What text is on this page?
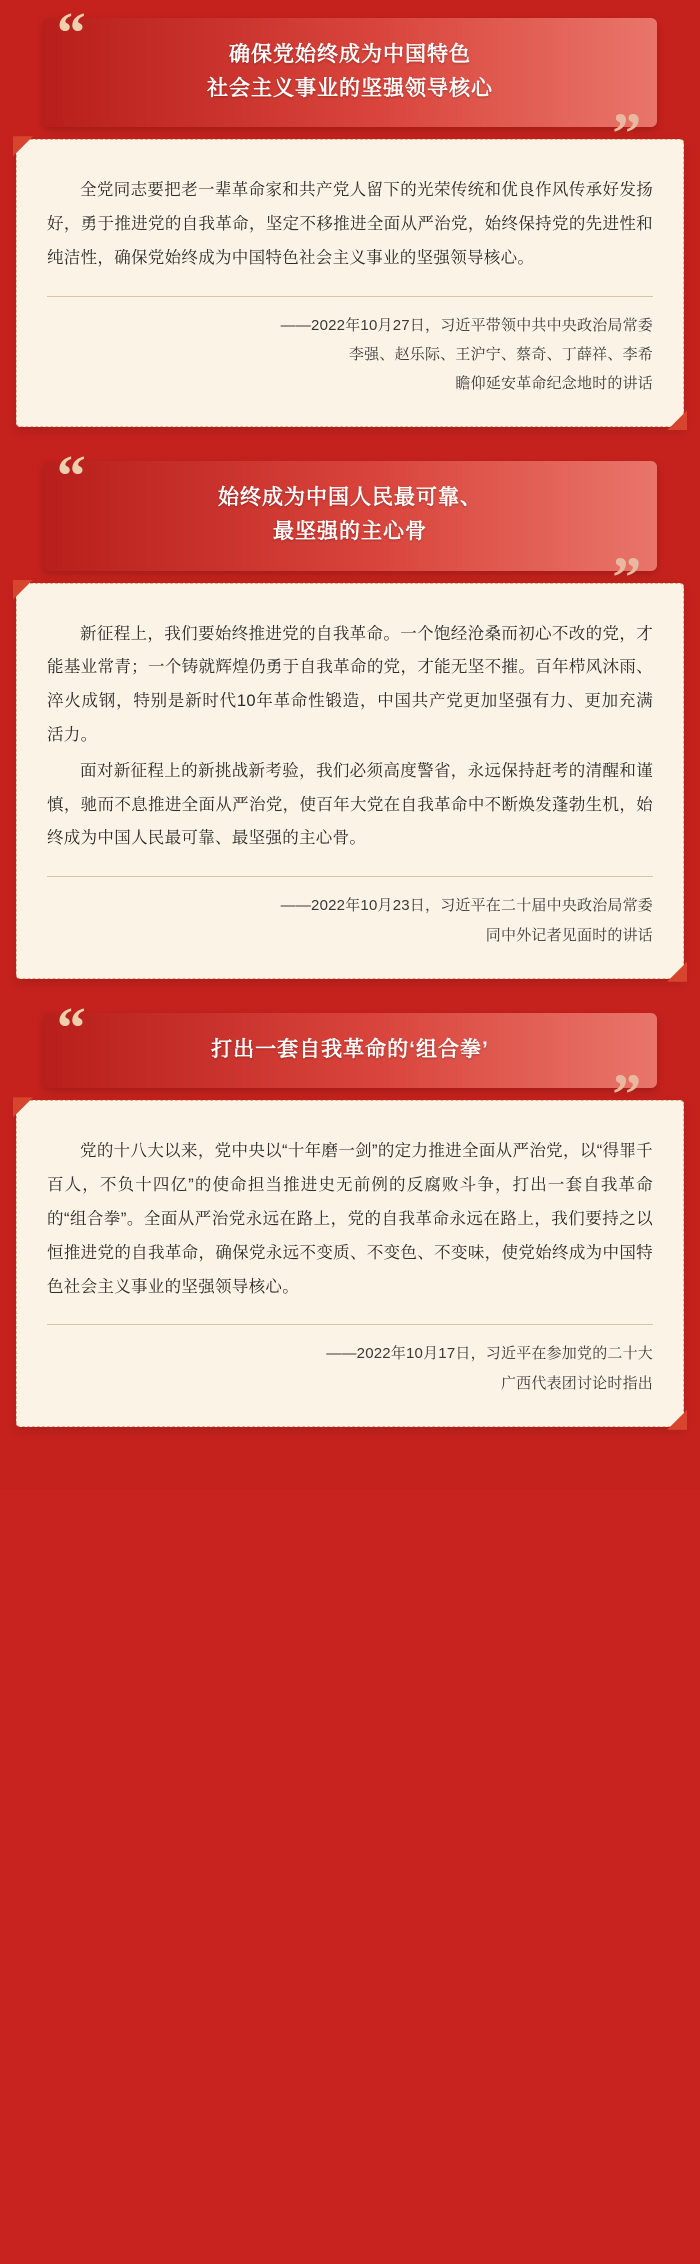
“	确保党始终成为中国特色
社会主义事业的坚强领导核心
”

全党同志要把老一辈革命家和共产党人留下的光荣传统和优良作风传承好发扬好，勇于推进党的自我革命，坚定不移推进全面从严治党，始终保持党的先进性和纯洁性，确保党始终成为中国特色社会主义事业的坚强领导核心。

——2022年10月27日，习近平带领中共中央政治局常委
李强、赵乐际、王沪宁、蔡奇、丁薛祥、李希
瞻仰延安革命纪念地时的讲话
“	始终成为中国人民最可靠、
最坚强的主心骨
”

新征程上，我们要始终推进党的自我革命。一个饱经沧桑而初心不改的党，才能基业常青；一个铸就辉煌仍勇于自我革命的党，才能无坚不摧。百年栉风沐雨、淬火成钢，特别是新时代10年革命性锻造，中国共产党更加坚强有力、更加充满活力。

面对新征程上的新挑战新考验，我们必须高度警省，永远保持赶考的清醒和谨慎，驰而不息推进全面从严治党，使百年大党在自我革命中不断焕发蓬勃生机，始终成为中国人民最可靠、最坚强的主心骨。

——2022年10月23日，习近平在二十届中央政治局常委
同中外记者见面时的讲话
“	打出一套自我革命的‘组合拳’
”

党的十八大以来，党中央以“十年磨一剑”的定力推进全面从严治党，以“得罪千百人，不负十四亿”的使命担当推进史无前例的反腐败斗争，打出一套自我革命的“组合拳”。全面从严治党永远在路上，党的自我革命永远在路上，我们要持之以恒推进党的自我革命，确保党永远不变质、不变色、不变味，使党始终成为中国特色社会主义事业的坚强领导核心。

——2022年10月17日，习近平在参加党的二十大
广西代表团讨论时指出
